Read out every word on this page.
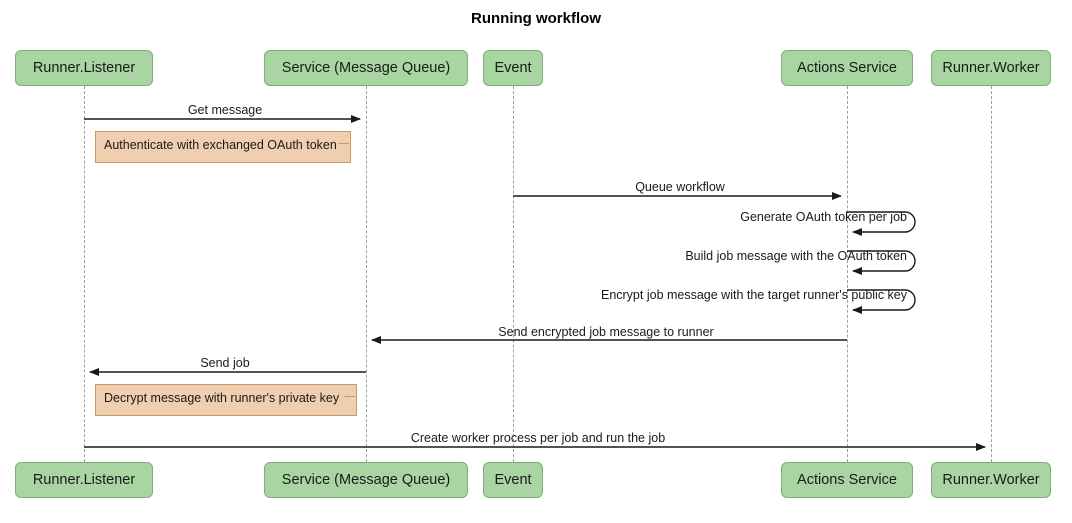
Running workflow
Runner.Listener	Service (Message Queue)	Event	Actions Service	Runner.Worker
Runner.Listener	Service (Message Queue)	Event	Actions Service	Runner.Worker
Get message
Queue workflow
Generate OAuth token per job
Build job message with the OAuth token
Encrypt job message with the target runner's public key
Send encrypted job message to runner
Send job
Create worker process per job and run the job
Authenticate with exchanged OAuth token
Decrypt message with runner's private key
